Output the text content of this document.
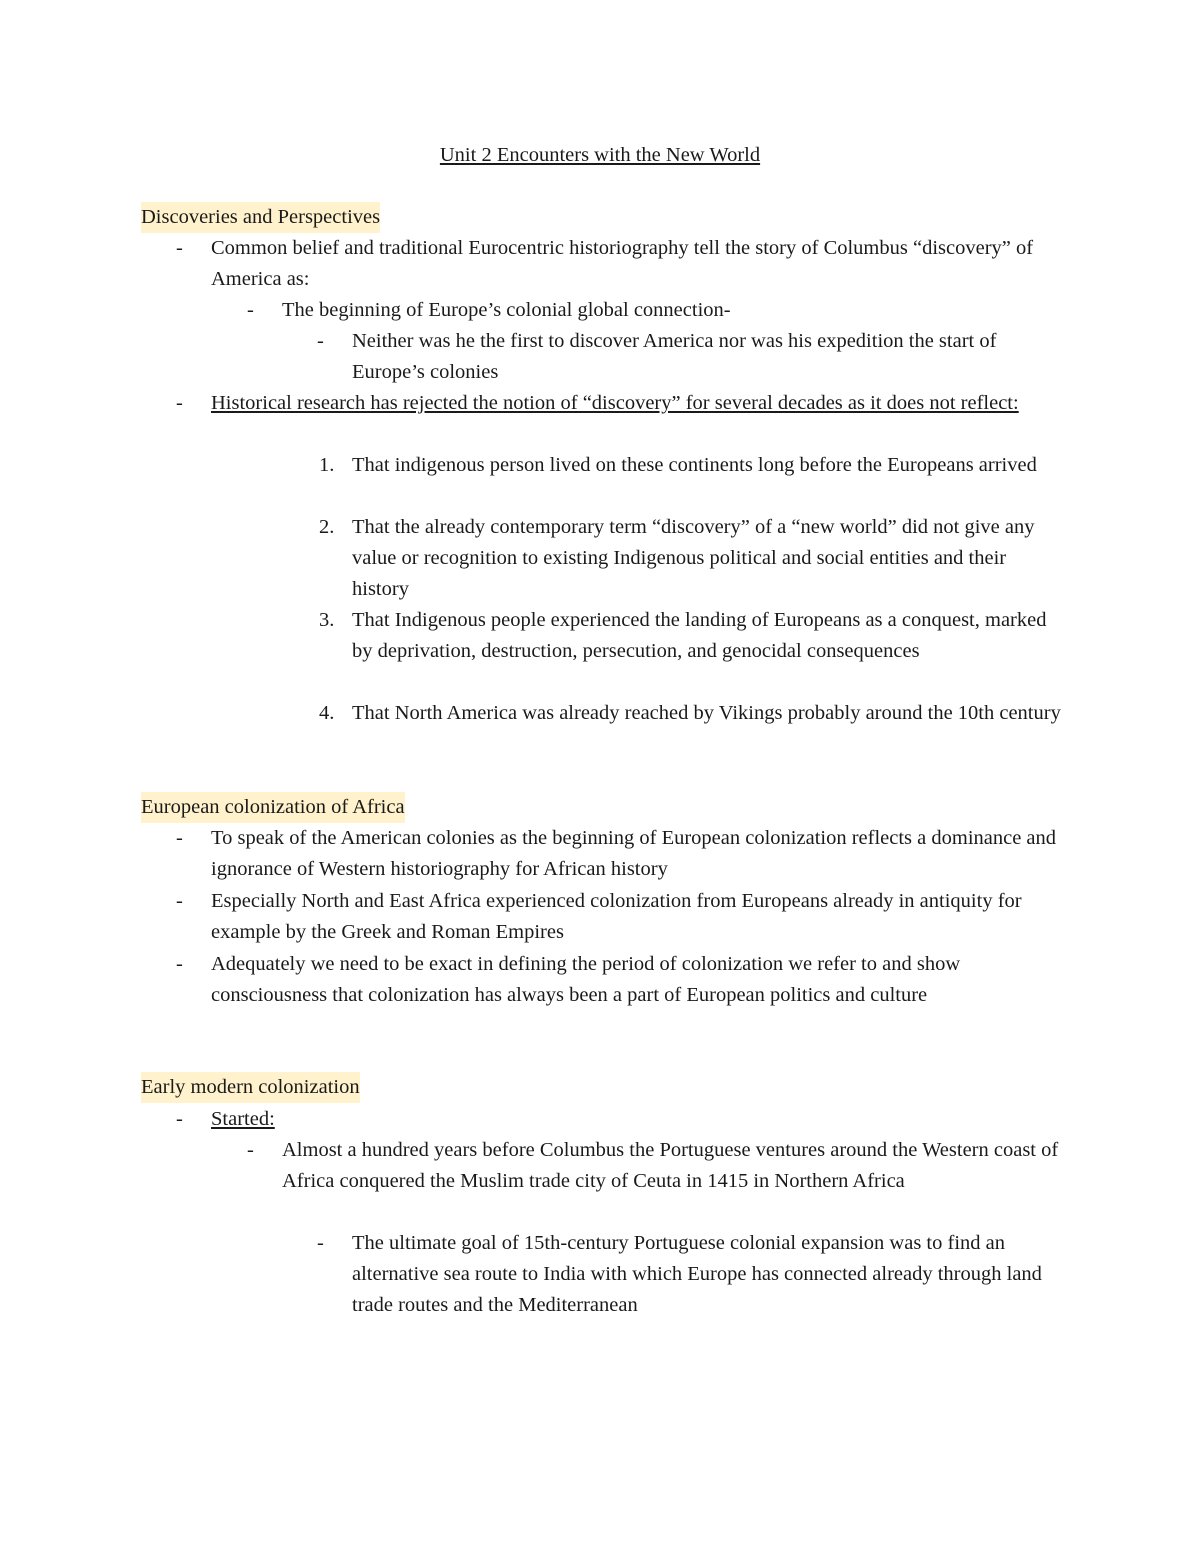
Unit 2 Encounters with the New World
Discoveries and Perspectives
- Common belief and traditional Eurocentric historiography tell the story of Columbus “discovery” of America as:
- The beginning of Europe’s colonial global connection-
- Neither was he the first to discover America nor was his expedition the start of Europe’s colonies
- Historical research has rejected the notion of “discovery” for several decades as it does not reflect:
1. That indigenous person lived on these continents long before the Europeans arrived
2. That the already contemporary term “discovery” of a “new world” did not give any value or recognition to existing Indigenous political and social entities and their history
3. That Indigenous people experienced the landing of Europeans as a conquest, marked by deprivation, destruction, persecution, and genocidal consequences
4. That North America was already reached by Vikings probably around the 10th century
European colonization of Africa
- To speak of the American colonies as the beginning of European colonization reflects a dominance and ignorance of Western historiography for African history
- Especially North and East Africa experienced colonization from Europeans already in antiquity for example by the Greek and Roman Empires
- Adequately we need to be exact in defining the period of colonization we refer to and show consciousness that colonization has always been a part of European politics and culture
Early modern colonization
- Started:
- Almost a hundred years before Columbus the Portuguese ventures around the Western coast of Africa conquered the Muslim trade city of Ceuta in 1415 in Northern Africa
- The ultimate goal of 15th-century Portuguese colonial expansion was to find an alternative sea route to India with which Europe has connected already through land trade routes and the Mediterranean
